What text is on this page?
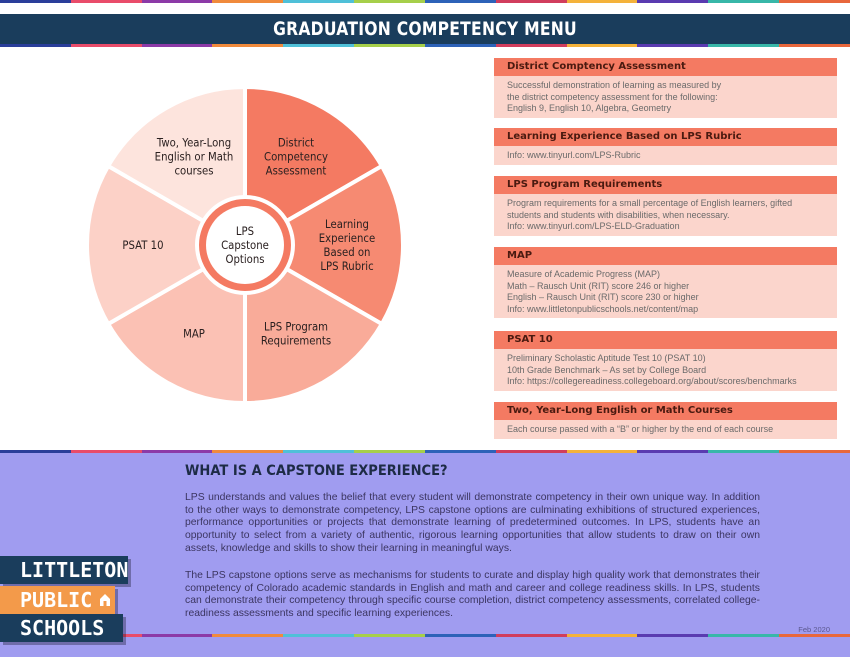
GRADUATION COMPETENCY MENU
District Competency Assessment
Learning Experience Based on LPS Rubric
LPS Program Requirements
MAP
PSAT 10
Two, Year-Long English or Math courses
LPS Capstone Options
District Comptency Assessment
Successful demonstration of learning as measured by
the district competency assessment for the following:
English 9, English 10, Algebra, Geometry
Learning Experience Based on LPS Rubric
Info: www.tinyurl.com/LPS-Rubric
LPS Program Requirements
Program requirements for a small percentage of English learners, gifted
students and students with disabilities, when necessary.
Info: www.tinyurl.com/LPS-ELD-Graduation
MAP
Measure of Academic Progress (MAP)
Math – Rausch Unit (RIT) score 246 or higher
English – Rausch Unit (RIT) score 230 or higher
Info: www.littletonpublicschools.net/content/map
PSAT 10
Preliminary Scholastic Aptitude Test 10 (PSAT 10)
10th Grade Benchmark – As set by College Board
Info: https://collegereadiness.collegeboard.org/about/scores/benchmarks
Two, Year-Long English or Math Courses
Each course passed with a “B” or higher by the end of each course
WHAT IS A CAPSTONE EXPERIENCE?

LPS understands and values the belief that every student will demonstrate competency in their own unique way. In addition to the other ways to demonstrate competency, LPS capstone options are culminating exhibitions of structured experiences, performance opportunities or projects that demonstrate learning of predetermined outcomes. In LPS, students have an opportunity to select from a variety of authentic, rigorous learning opportunities that allow students to draw on their own assets, knowledge and skills to show their learning in meaningful ways.

The LPS capstone options serve as mechanisms for students to curate and display high quality work that demonstrates their competency of Colorado academic standards in English and math and career and college readiness skills. In LPS, students can demonstrate their competency through specific course completion, district competency assessments, correlated college-readiness assessments and specific learning experiences.

Feb 2020
LITTLETON
PUBLIC
SCHOOLS
